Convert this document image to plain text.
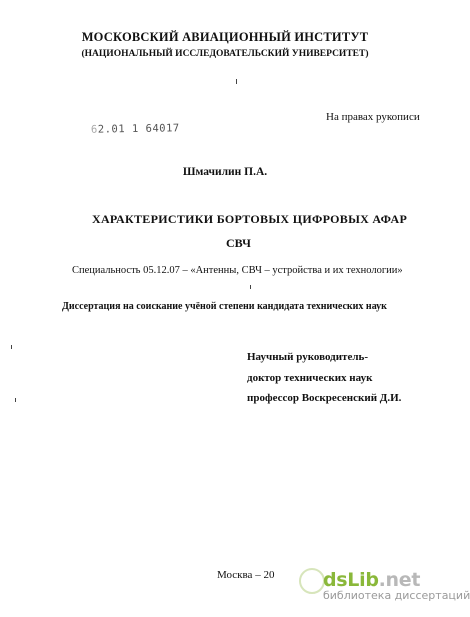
МОСКОВСКИЙ АВИАЦИОННЫЙ ИНСТИТУТ
(НАЦИОНАЛЬНЫЙ ИССЛЕДОВАТЕЛЬСКИЙ УНИВЕРСИТЕТ)
На правах рукописи
62.01 1 64017
Шмачилин П.А.
ХАРАКТЕРИСТИКИ БОРТОВЫХ ЦИФРОВЫХ АФАР
СВЧ
Специальность 05.12.07 – «Антенны, СВЧ – устройства и их технологии»
Диссертация на соискание учёной степени кандидата технических наук
Научный руководитель-
доктор технических наук
профессор Воскресенский Д.И.
Москва – 20	dsLib.net
библиотека диссертаций
